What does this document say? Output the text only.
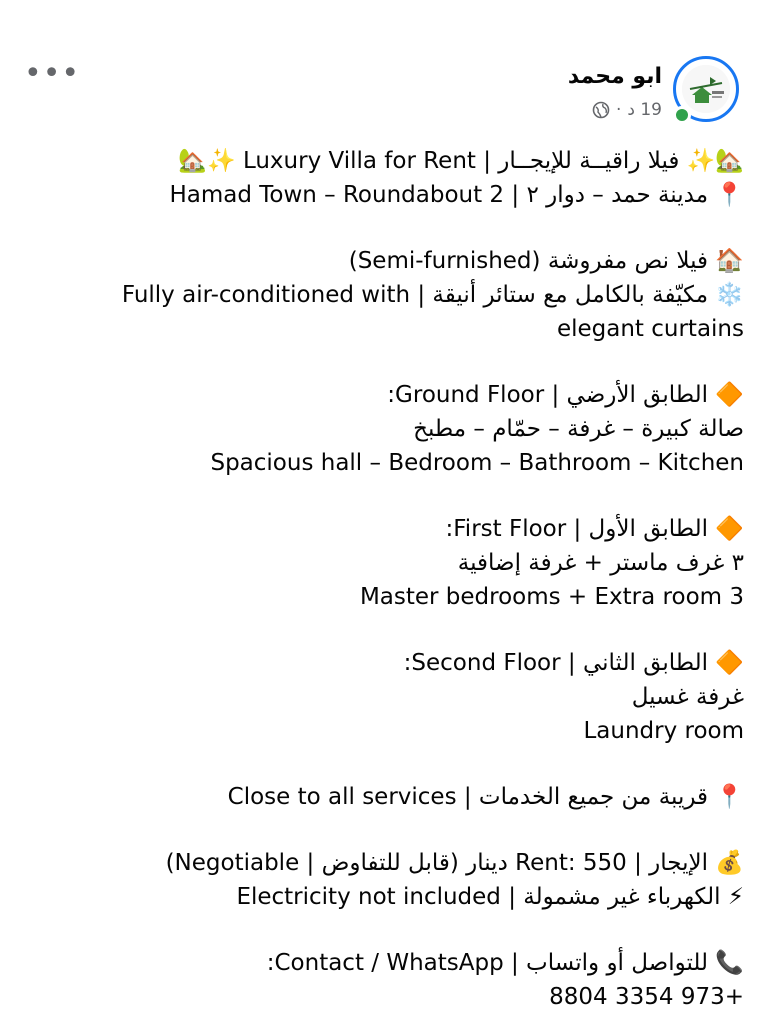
•••	ابو محمد
19 د
·
🏡✨ فيلا راقيــة للإيجــار | Luxury Villa for Rent ✨🏡
📍 مدينة حمد – دوار ٢ | Hamad Town – Roundabout 2
🏠 فيلا نص مفروشة (Semi-furnished)
❄️ مكيّفة بالكامل مع ستائر أنيقة | Fully air-conditioned with
elegant curtains
🔶 الطابق الأرضي | Ground Floor:
صالة كبيرة – غرفة – حمّام – مطبخ
Spacious hall – Bedroom – Bathroom – Kitchen
🔶 الطابق الأول | First Floor:
٣ غرف ماستر + غرفة إضافية
3 Master bedrooms + Extra room
🔶 الطابق الثاني | Second Floor:
غرفة غسيل
Laundry room
📍 قريبة من جميع الخدمات | Close to all services
💰 الإيجار | Rent: 550 دينار (قابل للتفاوض | Negotiable)
⚡ الكهرباء غير مشمولة | Electricity not included
📞 للتواصل أو واتساب | Contact / WhatsApp:
+973 3354 8804
